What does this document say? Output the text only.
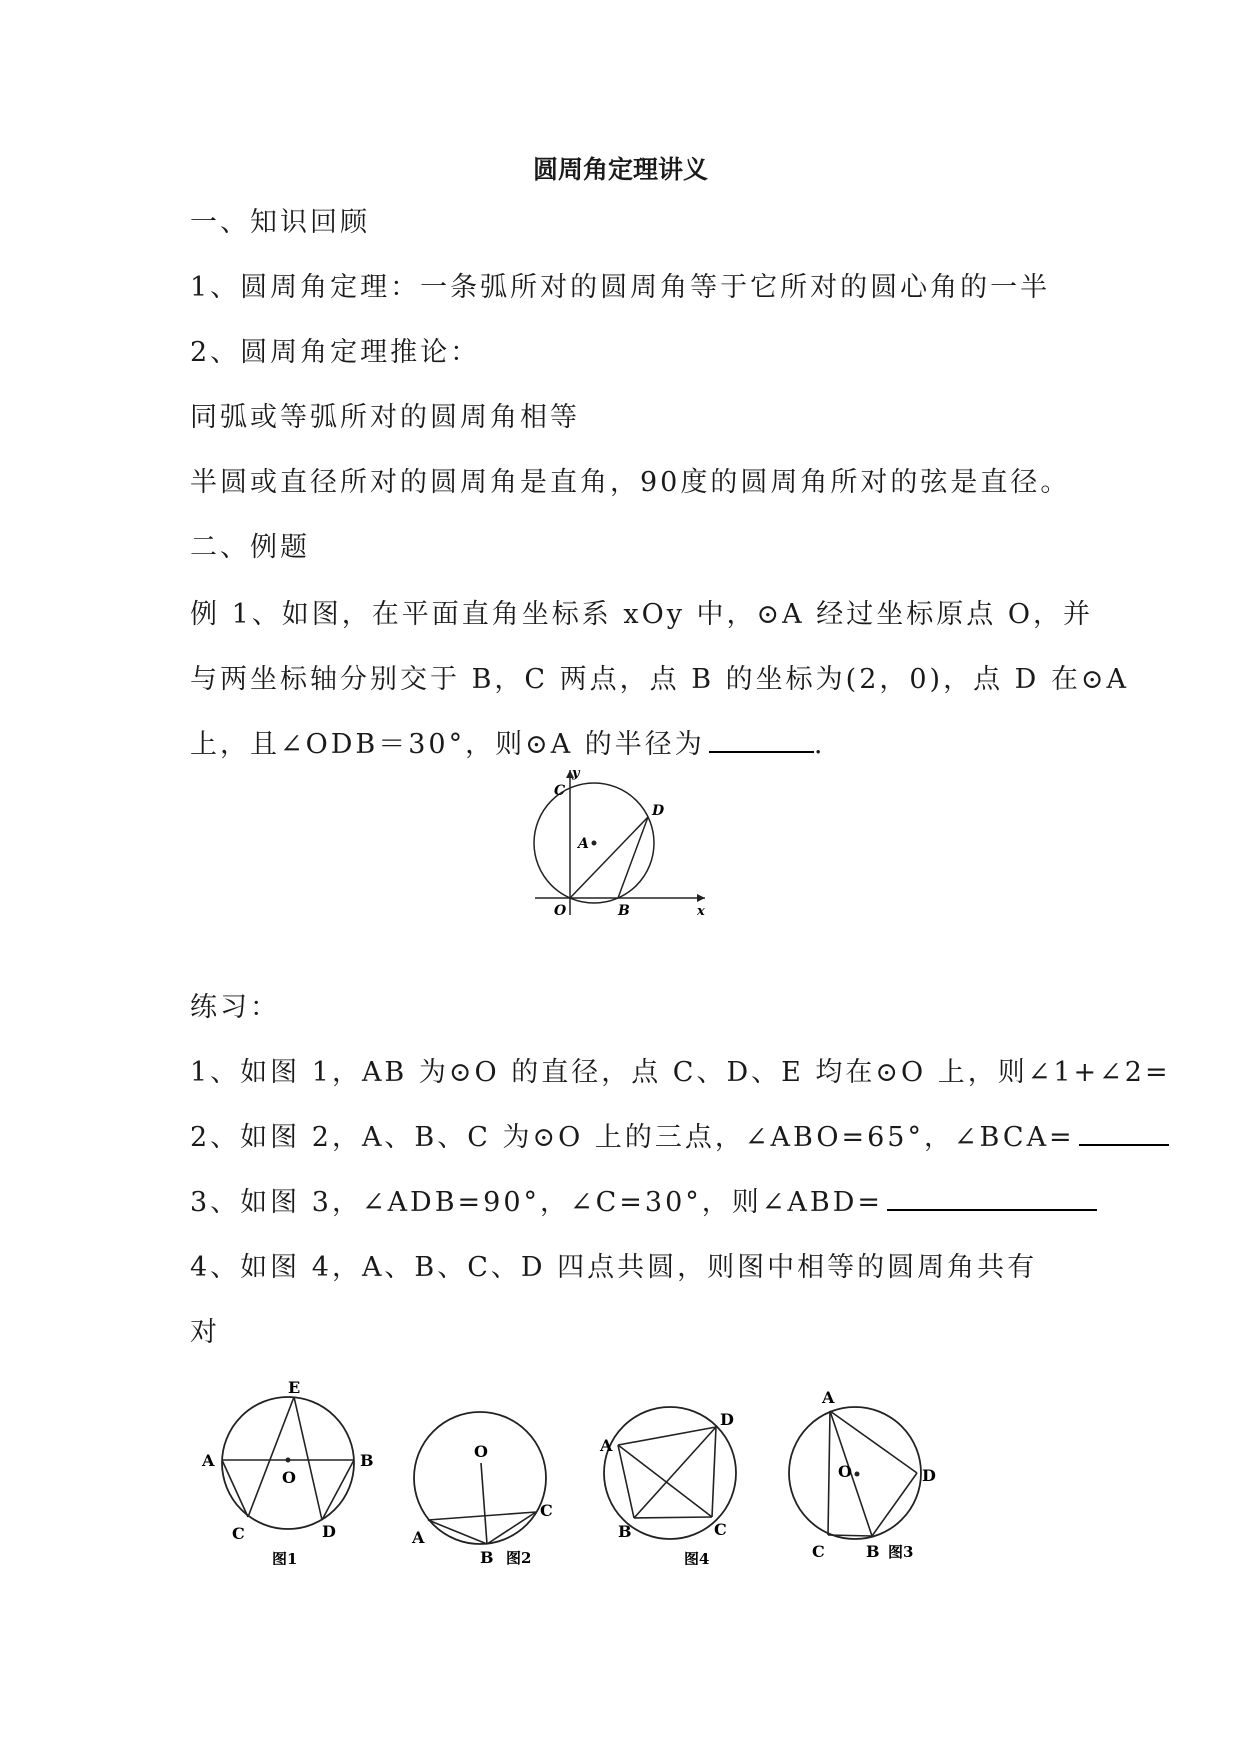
圆周角定理讲义
一、知识回顾
1、圆周角定理：一条弧所对的圆周角等于它所对的圆心角的一半
2、圆周角定理推论：
同弧或等弧所对的圆周角相等
半圆或直径所对的圆周角是直角，90度的圆周角所对的弦是直径。
二、例题
例 1、如图，在平面直角坐标系 xOy 中，⊙A 经过坐标原点 O，并
与两坐标轴分别交于 B，C 两点，点 B 的坐标为(2，0)，点 D 在⊙A
上，且∠ODB＝30°，则⊙A 的半径为	.
y
x
C
D
A
O	B
练习：
1、如图 1，AB 为⊙O 的直径，点 C、D、E 均在⊙O 上，则∠1+∠2=
2、如图 2，A、B、C 为⊙O 上的三点，∠ABO=65°，∠BCA=
3、如图 3，∠ADB=90°，∠C=30°，则∠ABD=
4、如图 4，A、B、C、D 四点共圆，则图中相等的圆周角共有
对
E
A	B
O
C	D
图1
O
C
A
B 图2
D
A
B	C
图4
A
O	D
C	B 图3
